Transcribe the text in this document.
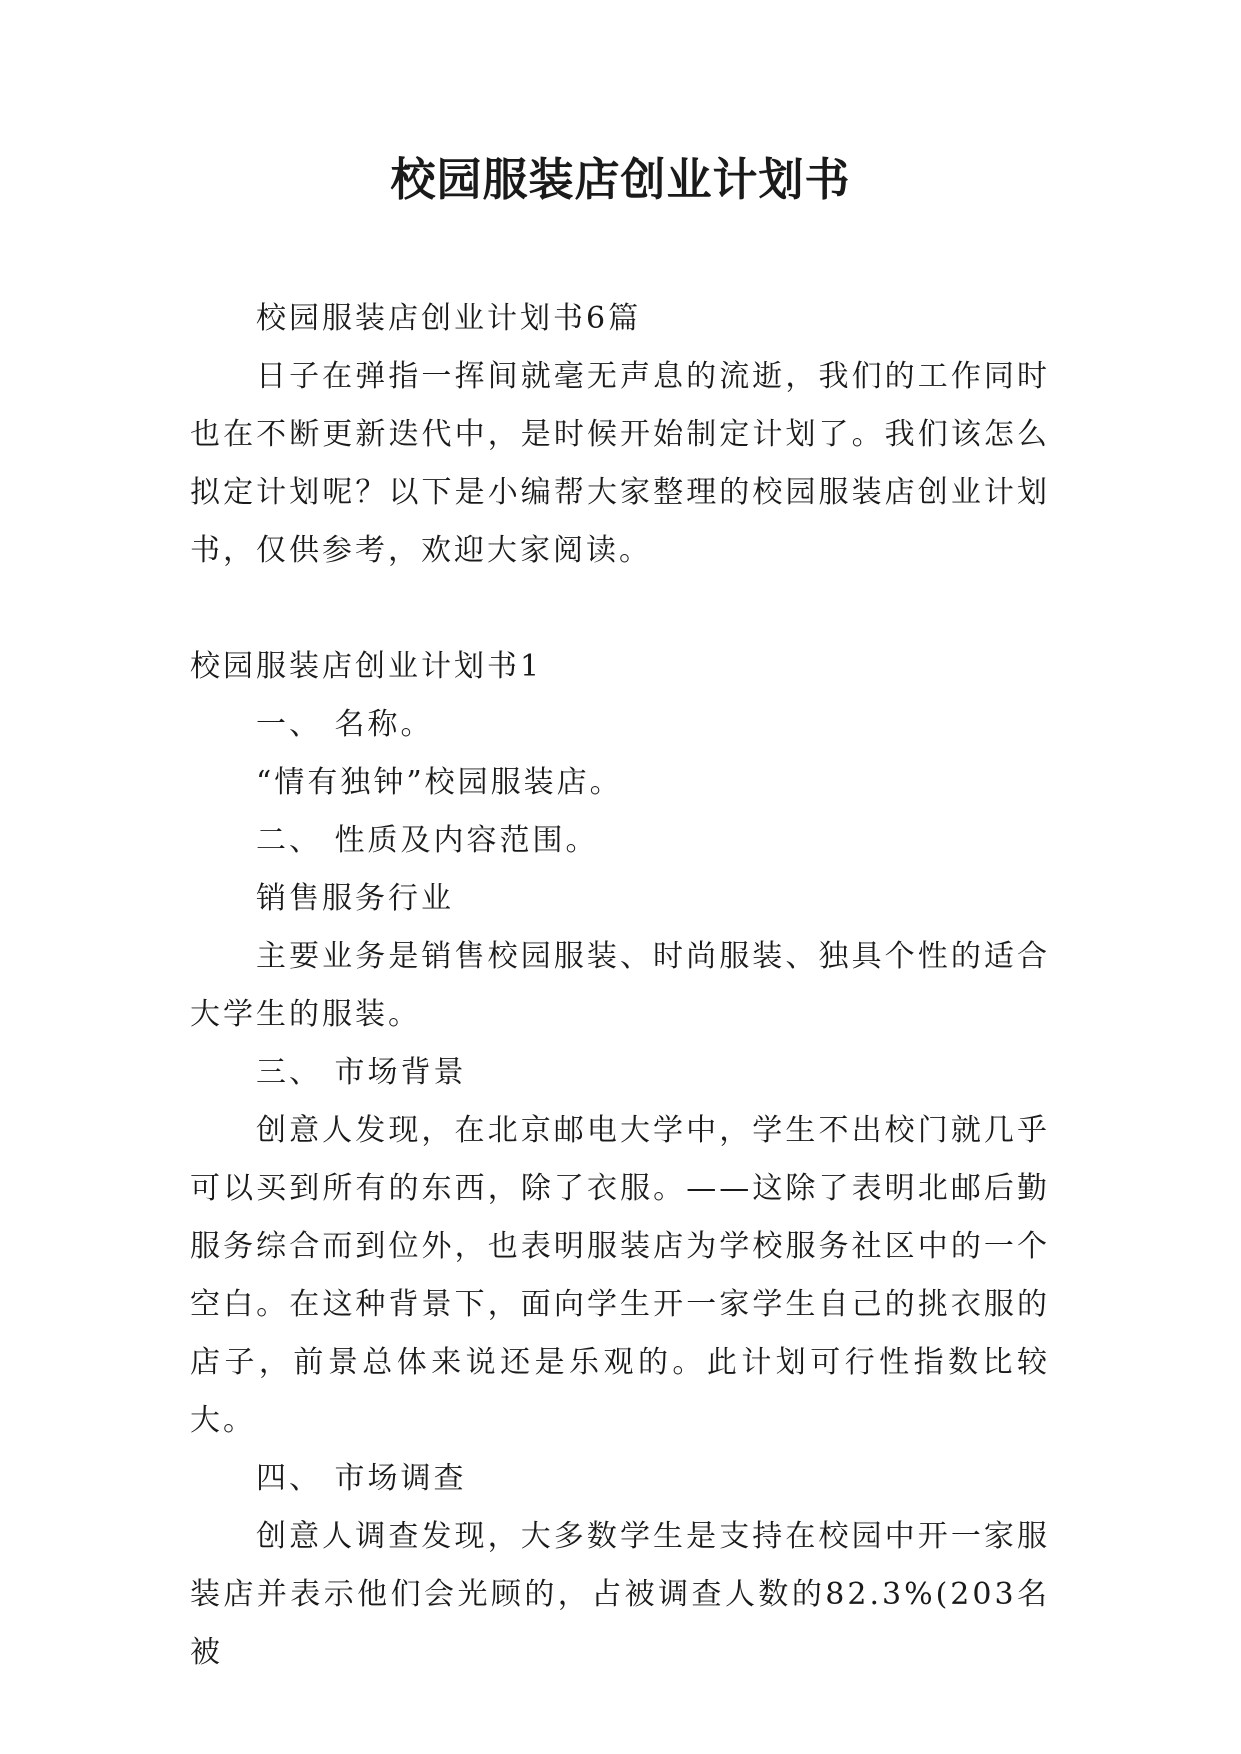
校园服装店创业计划书

校园服装店创业计划书6篇

日子在弹指一挥间就毫无声息的流逝，我们的工作同时也在不断更新迭代中，是时候开始制定计划了。我们该怎么拟定计划呢？以下是小编帮大家整理的校园服装店创业计划书，仅供参考，欢迎大家阅读。

校园服装店创业计划书1

一、 名称。

“情有独钟”校园服装店。

二、 性质及内容范围。

销售服务行业

主要业务是销售校园服装、时尚服装、独具个性的适合大学生的服装。

三、 市场背景

创意人发现，在北京邮电大学中，学生不出校门就几乎可以买到所有的东西，除了衣服。——这除了表明北邮后勤服务综合而到位外，也表明服装店为学校服务社区中的一个空白。在这种背景下，面向学生开一家学生自己的挑衣服的店子，前景总体来说还是乐观的。此计划可行性指数比较大。

四、 市场调查

创意人调查发现，大多数学生是支持在校园中开一家服装店并表示他们会光顾的，占被调查人数的82.3%(203名被
